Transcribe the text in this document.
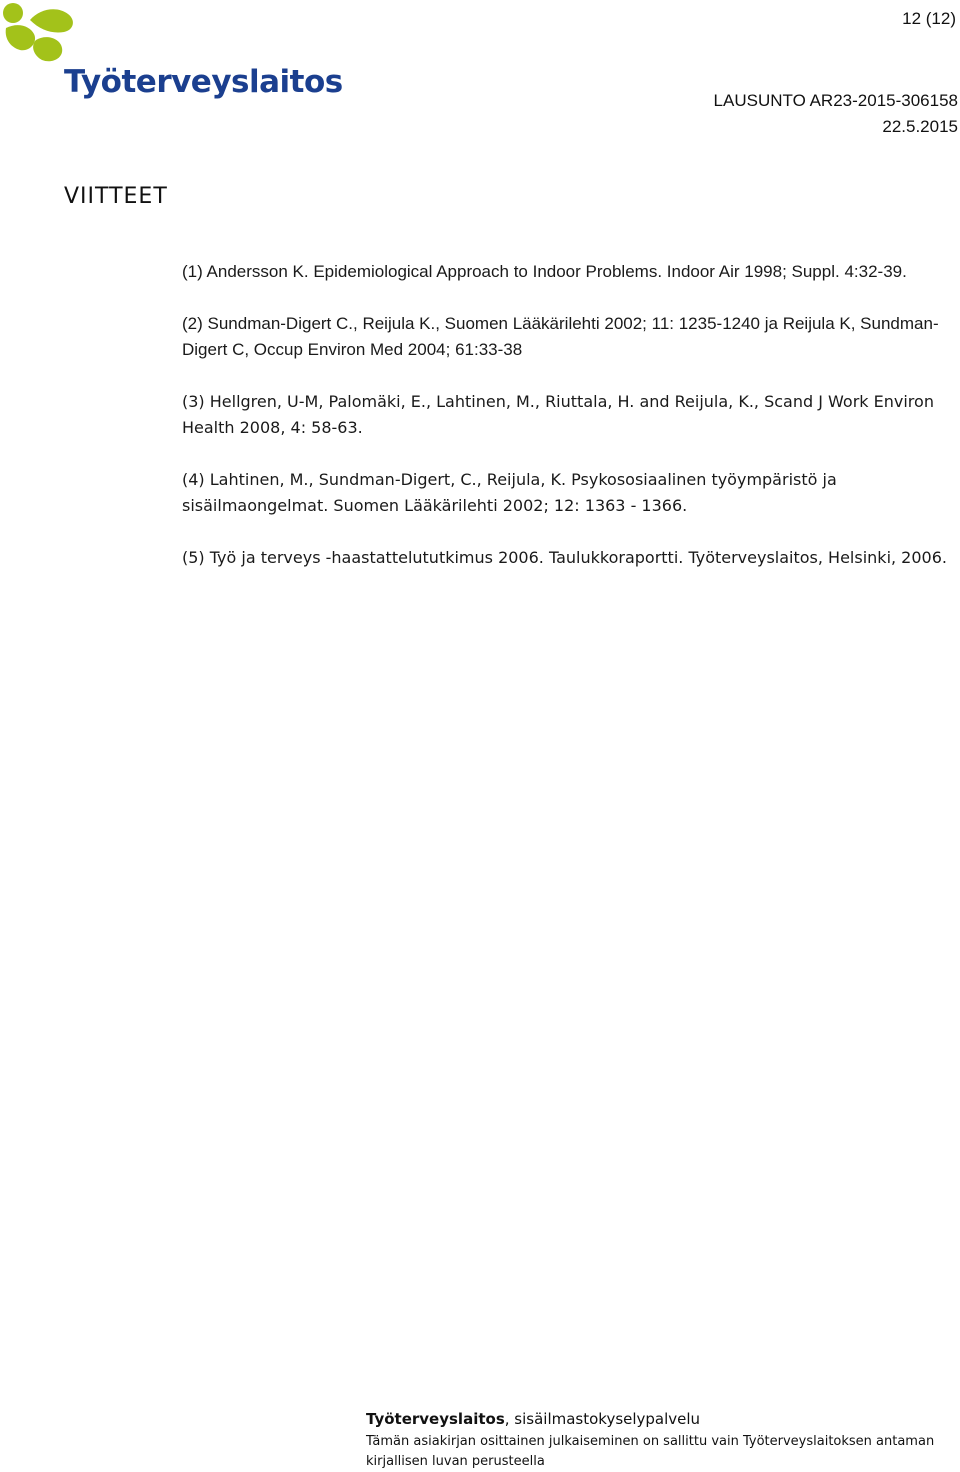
Työterveyslaitos
12 (12)
LAUSUNTO AR23-2015-306158
22.5.2015
VIITTEET

(1) Andersson K. Epidemiological Approach to Indoor Problems. Indoor Air 1998; Suppl. 4:32-39.

(2) Sundman-Digert C., Reijula K., Suomen Lääkärilehti 2002; 11: 1235-1240 ja Reijula K, Sundman-Digert C, Occup Environ Med 2004; 61:33-38

(3) Hellgren, U-M, Palomäki, E., Lahtinen, M., Riuttala, H. and Reijula, K., Scand J Work Environ Health 2008, 4: 58-63.

(4) Lahtinen, M., Sundman-Digert, C., Reijula, K. Psykososiaalinen työympäristö ja sisäilmaongelmat. Suomen Lääkärilehti 2002; 12: 1363 - 1366.

(5) Työ ja terveys -haastattelututkimus 2006. Taulukkoraportti. Työterveyslaitos, Helsinki, 2006.

Työterveyslaitos, sisäilmastokyselypalvelu
Tämän asiakirjan osittainen julkaiseminen on sallittu vain Työterveyslaitoksen antaman kirjallisen luvan perusteella
